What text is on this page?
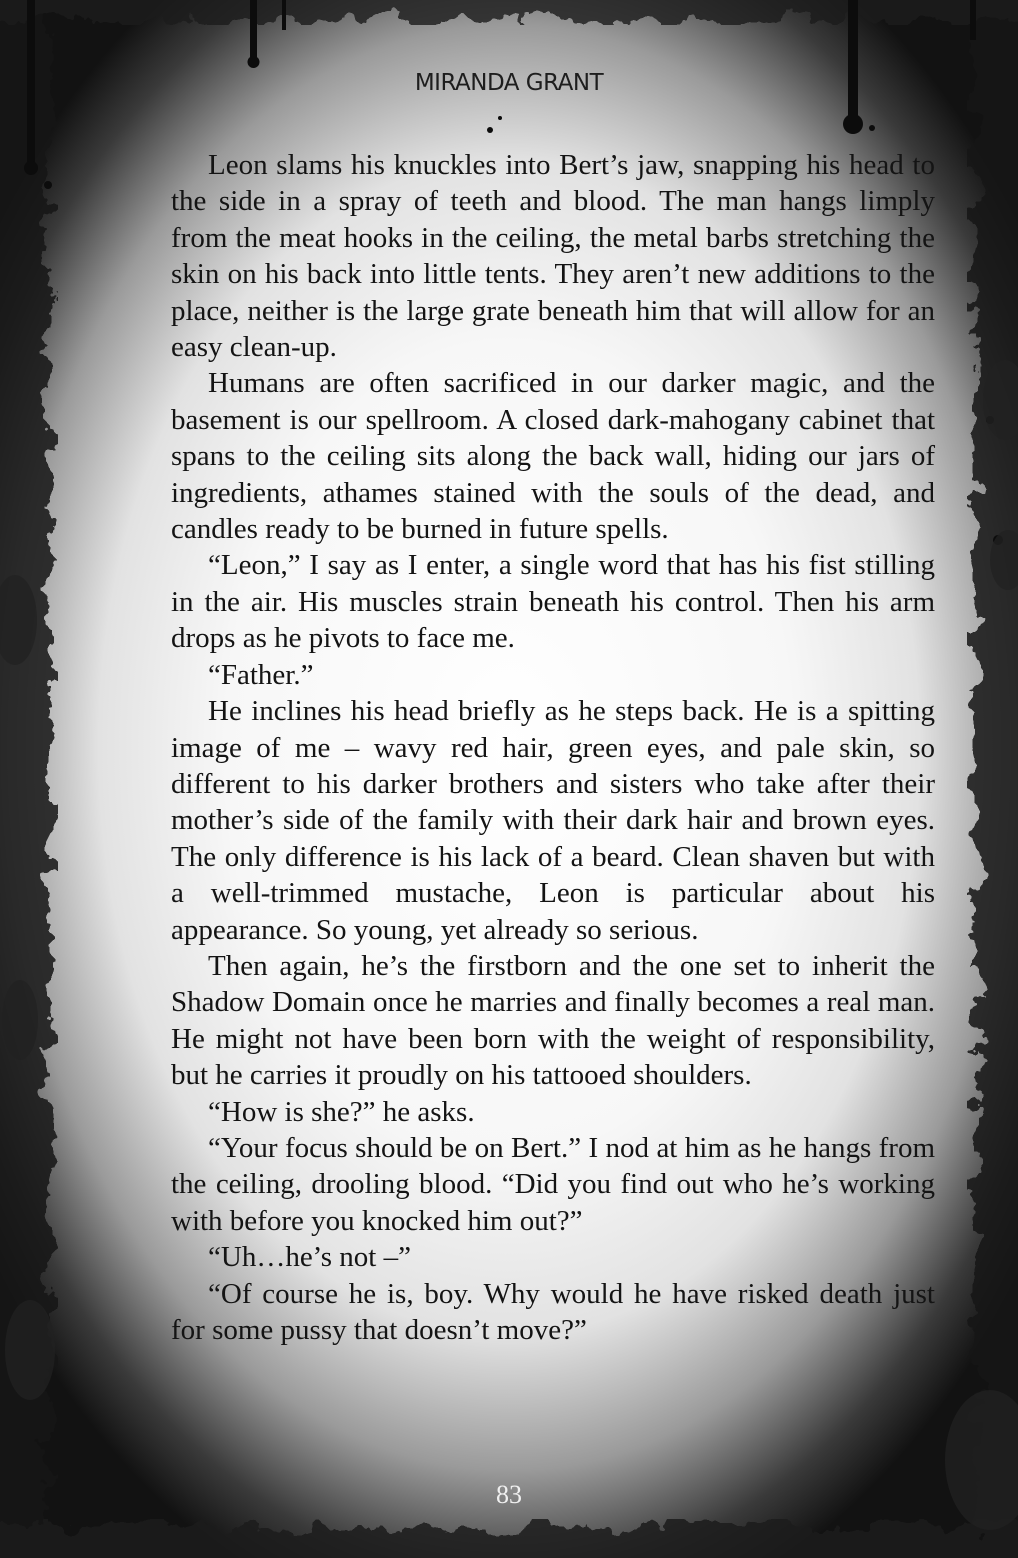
MIRANDA GRANT

Leon slams his knuckles into Bert’s jaw, snapping his head to the side in a spray of teeth and blood. The man hangs limply from the meat hooks in the ceiling, the metal barbs stretching the skin on his back into little tents. They aren’t new additions to the place, neither is the large grate beneath him that will allow for an easy clean-up.

Humans are often sacrificed in our darker magic, and the basement is our spellroom. A closed dark-mahogany cabinet that spans to the ceiling sits along the back wall, hiding our jars of ingredients, athames stained with the souls of the dead, and candles ready to be burned in future spells.

“Leon,” I say as I enter, a single word that has his fist stilling in the air. His muscles strain beneath his control. Then his arm drops as he pivots to face me.

“Father.”

He inclines his head briefly as he steps back. He is a spitting image of me – wavy red hair, green eyes, and pale skin, so different to his darker brothers and sisters who take after their mother’s side of the family with their dark hair and brown eyes. The only difference is his lack of a beard. Clean shaven but with a well-trimmed mustache, Leon is particular about his appearance. So young, yet already so serious.

Then again, he’s the firstborn and the one set to inherit the Shadow Domain once he marries and finally becomes a real man. He might not have been born with the weight of responsibility, but he carries it proudly on his tattooed shoulders.

“How is she?” he asks.

“Your focus should be on Bert.” I nod at him as he hangs from the ceiling, drooling blood. “Did you find out who he’s working with before you knocked him out?”

“Uh…he’s not –”

“Of course he is, boy. Why would he have risked death just for some pussy that doesn’t move?”

83
